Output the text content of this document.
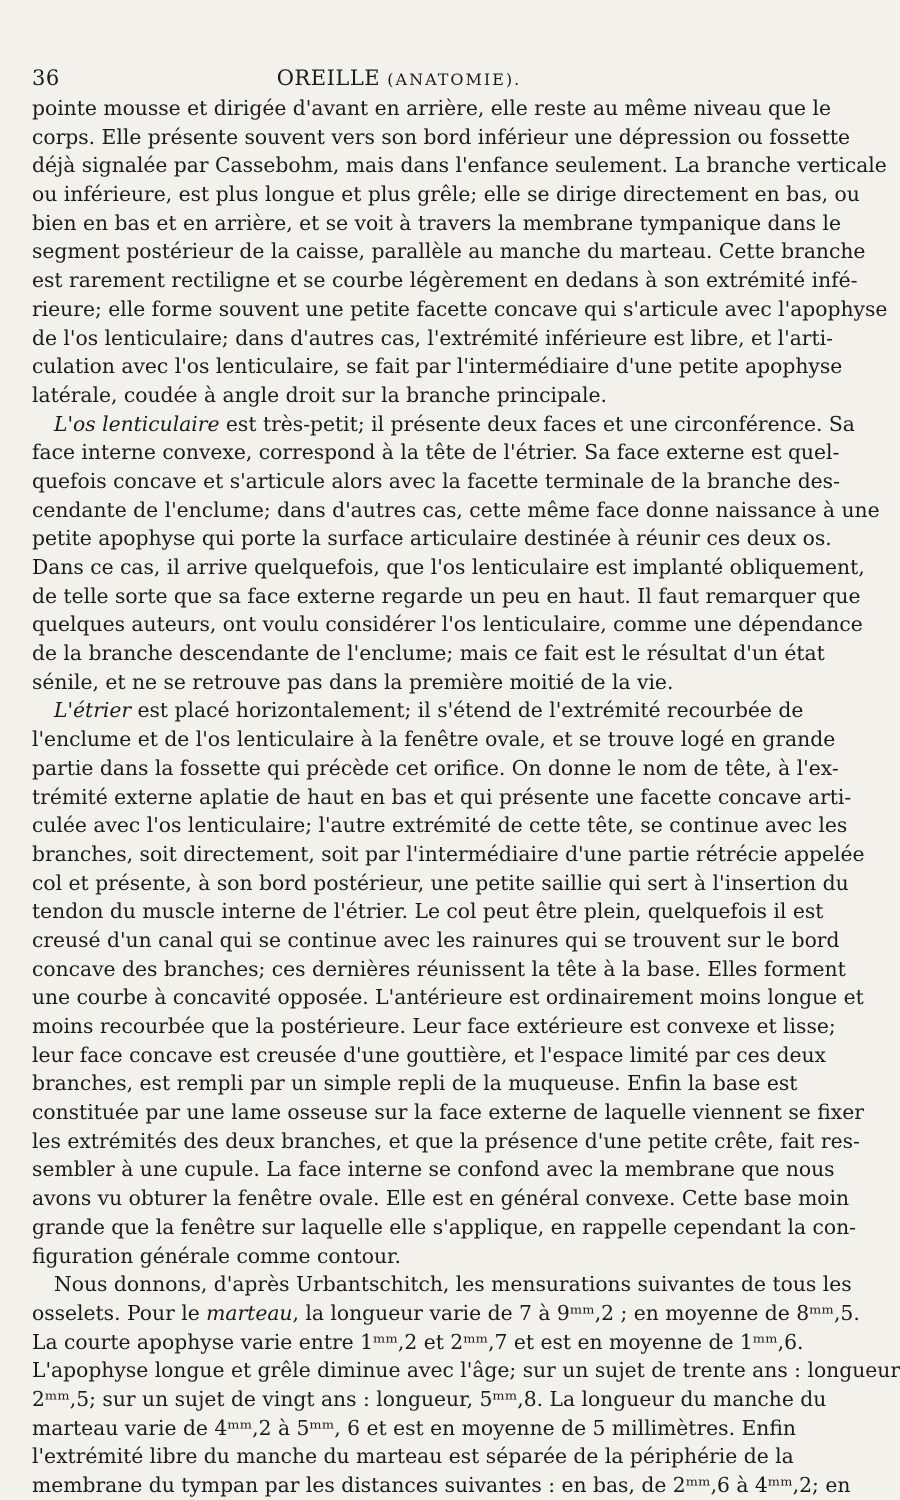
36	OREILLE (ANATOMIE).
pointe mousse et dirigée d'avant en arrière, elle reste au même niveau que le
corps. Elle présente souvent vers son bord inférieur une dépression ou fossette
déjà signalée par Cassebohm, mais dans l'enfance seulement. La branche verticale
ou inférieure, est plus longue et plus grêle; elle se dirige directement en bas, ou
bien en bas et en arrière, et se voit à travers la membrane tympanique dans le
segment postérieur de la caisse, parallèle au manche du marteau. Cette branche
est rarement rectiligne et se courbe légèrement en dedans à son extrémité infé-
rieure; elle forme souvent une petite facette concave qui s'articule avec l'apophyse
de l'os lenticulaire; dans d'autres cas, l'extrémité inférieure est libre, et l'arti-
culation avec l'os lenticulaire, se fait par l'intermédiaire d'une petite apophyse
latérale, coudée à angle droit sur la branche principale.
L'os lenticulaire est très-petit; il présente deux faces et une circonférence. Sa
face interne convexe, correspond à la tête de l'étrier. Sa face externe est quel-
quefois concave et s'articule alors avec la facette terminale de la branche des-
cendante de l'enclume; dans d'autres cas, cette même face donne naissance à une
petite apophyse qui porte la surface articulaire destinée à réunir ces deux os.
Dans ce cas, il arrive quelquefois, que l'os lenticulaire est implanté obliquement,
de telle sorte que sa face externe regarde un peu en haut. Il faut remarquer que
quelques auteurs, ont voulu considérer l'os lenticulaire, comme une dépendance
de la branche descendante de l'enclume; mais ce fait est le résultat d'un état
sénile, et ne se retrouve pas dans la première moitié de la vie.
L'étrier est placé horizontalement; il s'étend de l'extrémité recourbée de
l'enclume et de l'os lenticulaire à la fenêtre ovale, et se trouve logé en grande
partie dans la fossette qui précède cet orifice. On donne le nom de tête, à l'ex-
trémité externe aplatie de haut en bas et qui présente une facette concave arti-
culée avec l'os lenticulaire; l'autre extrémité de cette tête, se continue avec les
branches, soit directement, soit par l'intermédiaire d'une partie rétrécie appelée
col et présente, à son bord postérieur, une petite saillie qui sert à l'insertion du
tendon du muscle interne de l'étrier. Le col peut être plein, quelquefois il est
creusé d'un canal qui se continue avec les rainures qui se trouvent sur le bord
concave des branches; ces dernières réunissent la tête à la base. Elles forment
une courbe à concavité opposée. L'antérieure est ordinairement moins longue et
moins recourbée que la postérieure. Leur face extérieure est convexe et lisse;
leur face concave est creusée d'une gouttière, et l'espace limité par ces deux
branches, est rempli par un simple repli de la muqueuse. Enfin la base est
constituée par une lame osseuse sur la face externe de laquelle viennent se fixer
les extrémités des deux branches, et que la présence d'une petite crête, fait res-
sembler à une cupule. La face interne se confond avec la membrane que nous
avons vu obturer la fenêtre ovale. Elle est en général convexe. Cette base moin
grande que la fenêtre sur laquelle elle s'applique, en rappelle cependant la con-
figuration générale comme contour.
Nous donnons, d'après Urbantschitch, les mensurations suivantes de tous les
osselets. Pour le marteau, la longueur varie de 7 à 9ᵐᵐ,2 ; en moyenne de 8ᵐᵐ,5.
La courte apophyse varie entre 1ᵐᵐ,2 et 2ᵐᵐ,7 et est en moyenne de 1ᵐᵐ,6.
L'apophyse longue et grêle diminue avec l'âge; sur un sujet de trente ans : longueur
2ᵐᵐ,5; sur un sujet de vingt ans : longueur, 5ᵐᵐ,8. La longueur du manche du
marteau varie de 4ᵐᵐ,2 à 5ᵐᵐ, 6 et est en moyenne de 5 millimètres. Enfin
l'extrémité libre du manche du marteau est séparée de la périphérie de la
membrane du tympan par les distances suivantes : en bas, de 2ᵐᵐ,6 à 4ᵐᵐ,2; en
